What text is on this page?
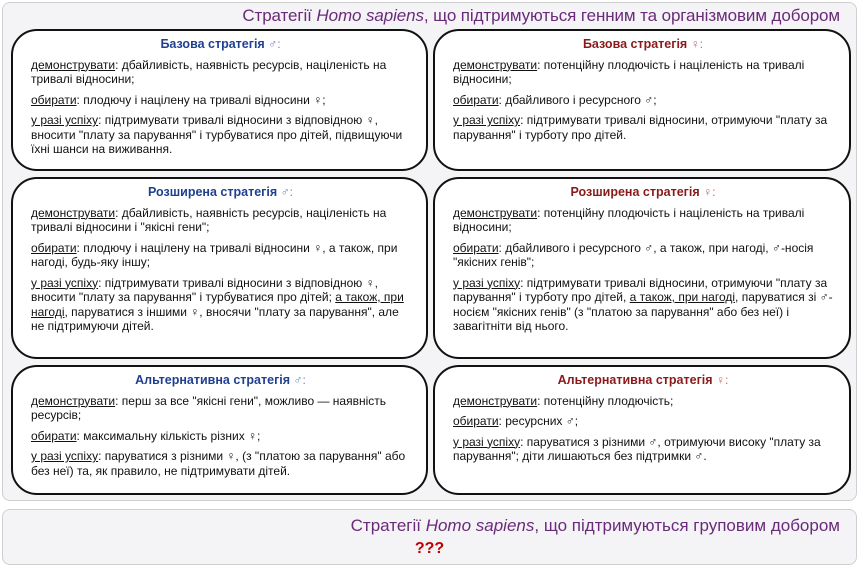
Стратегії Homo sapiens, що підтримуються генним та організмовим добором
Базова стратегія ♂:

демонструвати: дбайливість, наявність ресурсів, націленість на тривалі відносини;

обирати: плодючу і націлену на тривалі відносини ♀;

у разі успіху: підтримувати тривалі відносини з відповідною ♀, вносити "плату за парування" і турбуватися про дітей, підвищуючи їхні шанси на виживання.

Базова стратегія ♀:

демонструвати: потенційну плодючість і націленість на тривалі відносини;

обирати: дбайливого і ресурсного ♂;

у разі успіху: підтримувати тривалі відносини, отримуючи "плату за парування" і турботу про дітей.

Розширена стратегія ♂:

демонструвати: дбайливість, наявність ресурсів, націленість на тривалі відносини і "якісні гени";

обирати: плодючу і націлену на тривалі відносини ♀, а також, при нагоді, будь-яку іншу;

у разі успіху: підтримувати тривалі відносини з відповідною ♀, вносити "плату за парування" і турбуватися про дітей; а також, при нагоді, паруватися з іншими ♀, вносячи "плату за парування", але не підтримуючи дітей.

Розширена стратегія ♀:

демонструвати: потенційну плодючість і націленість на тривалі відносини;

обирати: дбайливого і ресурсного ♂, а також, при нагоді, ♂-носія "якісних генів";

у разі успіху: підтримувати тривалі відносини, отримуючи "плату за парування" і турботу про дітей, а також, при нагоді, паруватися зі ♂-носієм "якісних генів" (з "платою за парування" або без неї) і завагітніти від нього.

Альтернативна стратегія ♂:

демонструвати: перш за все "якісні гени", можливо — наявність ресурсів;

обирати: максимальну кількість різних ♀;

у разі успіху: паруватися з різними ♀, (з "платою за парування" або без неї) та, як правило, не підтримувати дітей.

Альтернативна стратегія ♀:

демонструвати: потенційну плодючість;

обирати: ресурсних ♂;

у разі успіху: паруватися з різними ♂, отримуючи високу "плату за парування"; діти лишаються без підтримки ♂.

Стратегії Homo sapiens, що підтримуються груповим добором
???
